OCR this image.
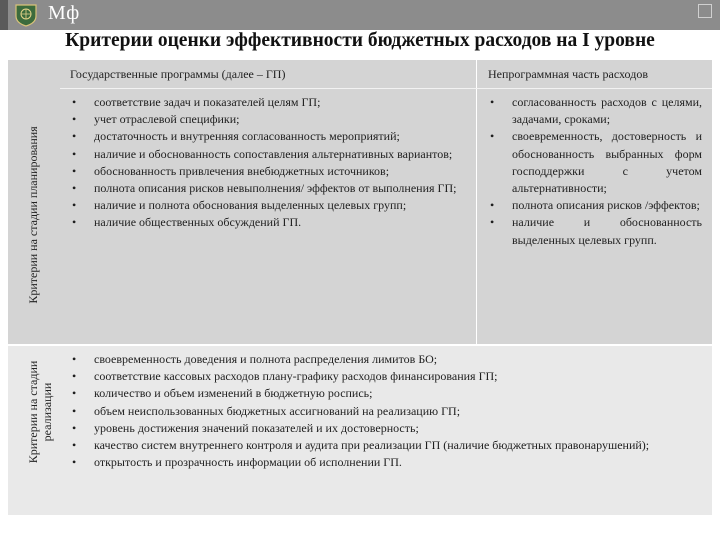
Мф
Критерии оценки эффективности бюджетных расходов на I уровне
Критерии на стадии планирования
Критерии на стадии реализации
Государственные программы (далее – ГП)	Непрограммная часть расходов
• соответствие задач и показателей целям ГП;
• учет отраслевой специфики;
• достаточность и внутренняя согласованность мероприятий;
• наличие и обоснованность сопоставления альтернативных вариантов;
• обоснованность привлечения внебюджетных источников;
• полнота описания рисков невыполнения/ эффектов от выполнения ГП;
• наличие и полнота обоснования выделенных целевых групп;
• наличие общественных обсуждений ГП.
• согласованность расходов с целями, задачами, сроками;
• своевременность, достоверность и обоснованность выбранных форм господдержки с учетом альтернативности;
• полнота описания рисков /эффектов;
• наличие и обоснованность выделенных целевых групп.
• своевременность доведения и полнота распределения лимитов БО;
• соответствие кассовых расходов плану-графику расходов финансирования ГП;
• количество и объем изменений в бюджетную роспись;
• объем неиспользованных бюджетных ассигнований на реализацию ГП;
• уровень достижения значений показателей и их достоверность;
• качество систем внутреннего контроля и аудита при реализации ГП (наличие бюджетных правонарушений);
• открытость и прозрачность информации об исполнении ГП.
